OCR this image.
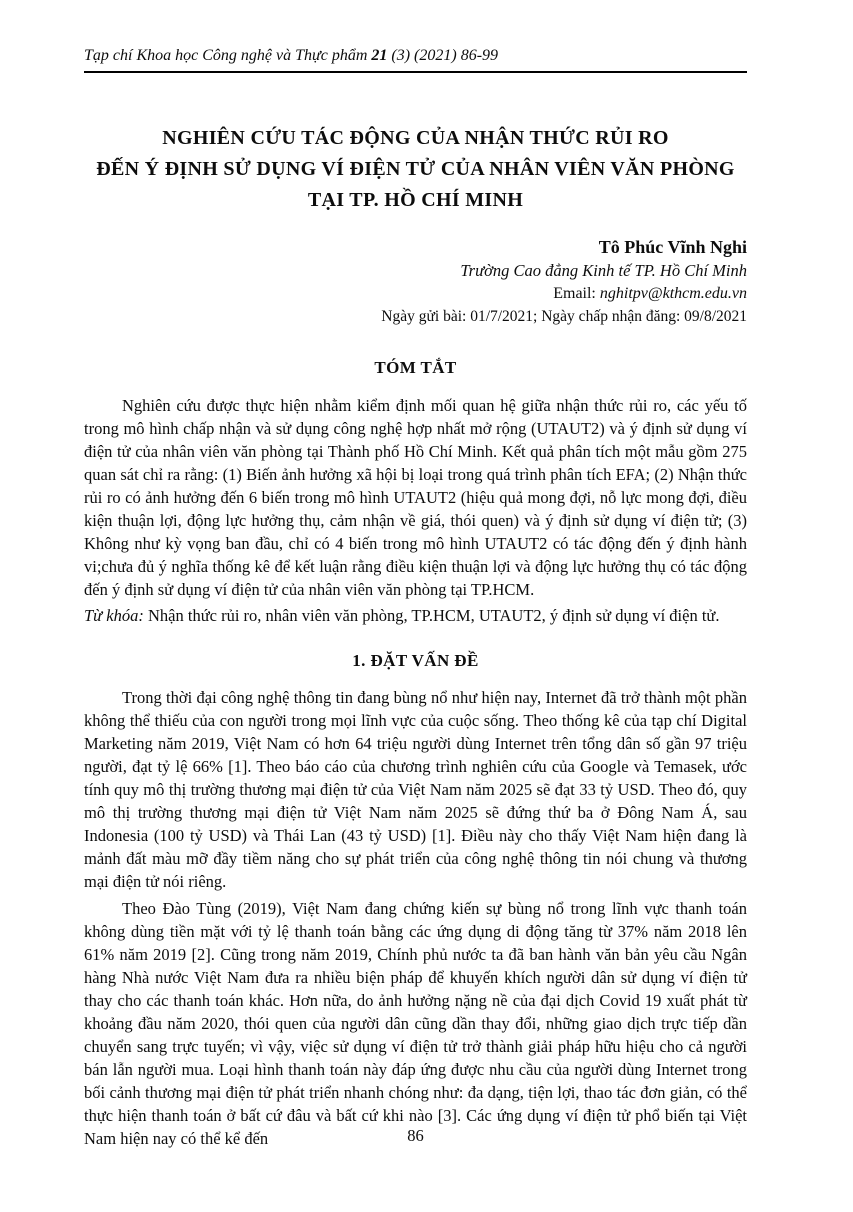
Tạp chí Khoa học Công nghệ và Thực phẩm 21 (3) (2021) 86-99
NGHIÊN CỨU TÁC ĐỘNG CỦA NHẬN THỨC RỦI RO
ĐẾN Ý ĐỊNH SỬ DỤNG VÍ ĐIỆN TỬ CỦA NHÂN VIÊN VĂN PHÒNG
TẠI TP. HỒ CHÍ MINH
Tô Phúc Vĩnh Nghi
Trường Cao đẳng Kinh tế TP. Hồ Chí Minh
Email: nghitpv@kthcm.edu.vn
Ngày gửi bài: 01/7/2021; Ngày chấp nhận đăng: 09/8/2021
TÓM TẮT

Nghiên cứu được thực hiện nhằm kiểm định mối quan hệ giữa nhận thức rủi ro, các yếu tố trong mô hình chấp nhận và sử dụng công nghệ hợp nhất mở rộng (UTAUT2) và ý định sử dụng ví điện tử của nhân viên văn phòng tại Thành phố Hồ Chí Minh. Kết quả phân tích một mẫu gồm 275 quan sát chỉ ra rằng: (1) Biến ảnh hưởng xã hội bị loại trong quá trình phân tích EFA; (2) Nhận thức rủi ro có ảnh hưởng đến 6 biến trong mô hình UTAUT2 (hiệu quả mong đợi, nỗ lực mong đợi, điều kiện thuận lợi, động lực hưởng thụ, cảm nhận về giá, thói quen) và ý định sử dụng ví điện tử; (3) Không như kỳ vọng ban đầu, chỉ có 4 biến trong mô hình UTAUT2 có tác động đến ý định hành vi;chưa đủ ý nghĩa thống kê để kết luận rằng điều kiện thuận lợi và động lực hưởng thụ có tác động đến ý định sử dụng ví điện tử của nhân viên văn phòng tại TP.HCM.

Từ khóa: Nhận thức rủi ro, nhân viên văn phòng, TP.HCM, UTAUT2, ý định sử dụng ví điện tử.

1. ĐẶT VẤN ĐỀ

Trong thời đại công nghệ thông tin đang bùng nổ như hiện nay, Internet đã trở thành một phần không thể thiếu của con người trong mọi lĩnh vực của cuộc sống. Theo thống kê của tạp chí Digital Marketing năm 2019, Việt Nam có hơn 64 triệu người dùng Internet trên tổng dân số gần 97 triệu người, đạt tỷ lệ 66% [1]. Theo báo cáo của chương trình nghiên cứu của Google và Temasek, ước tính quy mô thị trường thương mại điện tử của Việt Nam năm 2025 sẽ đạt 33 tỷ USD. Theo đó, quy mô thị trường thương mại điện tử Việt Nam năm 2025 sẽ đứng thứ ba ở Đông Nam Á, sau Indonesia (100 tỷ USD) và Thái Lan (43 tỷ USD) [1]. Điều này cho thấy Việt Nam hiện đang là mảnh đất màu mỡ đầy tiềm năng cho sự phát triển của công nghệ thông tin nói chung và thương mại điện tử nói riêng.

Theo Đào Tùng (2019), Việt Nam đang chứng kiến sự bùng nổ trong lĩnh vực thanh toán không dùng tiền mặt với tỷ lệ thanh toán bằng các ứng dụng di động tăng từ 37% năm 2018 lên 61% năm 2019 [2]. Cũng trong năm 2019, Chính phủ nước ta đã ban hành văn bản yêu cầu Ngân hàng Nhà nước Việt Nam đưa ra nhiều biện pháp để khuyến khích người dân sử dụng ví điện tử thay cho các thanh toán khác. Hơn nữa, do ảnh hưởng nặng nề của đại dịch Covid 19 xuất phát từ khoảng đầu năm 2020, thói quen của người dân cũng dần thay đổi, những giao dịch trực tiếp dần chuyển sang trực tuyến; vì vậy, việc sử dụng ví điện tử trở thành giải pháp hữu hiệu cho cả người bán lẫn người mua. Loại hình thanh toán này đáp ứng được nhu cầu của người dùng Internet trong bối cảnh thương mại điện tử phát triển nhanh chóng như: đa dạng, tiện lợi, thao tác đơn giản, có thể thực hiện thanh toán ở bất cứ đâu và bất cứ khi nào [3]. Các ứng dụng ví điện tử phổ biến tại Việt Nam hiện nay có thể kể đến	86
